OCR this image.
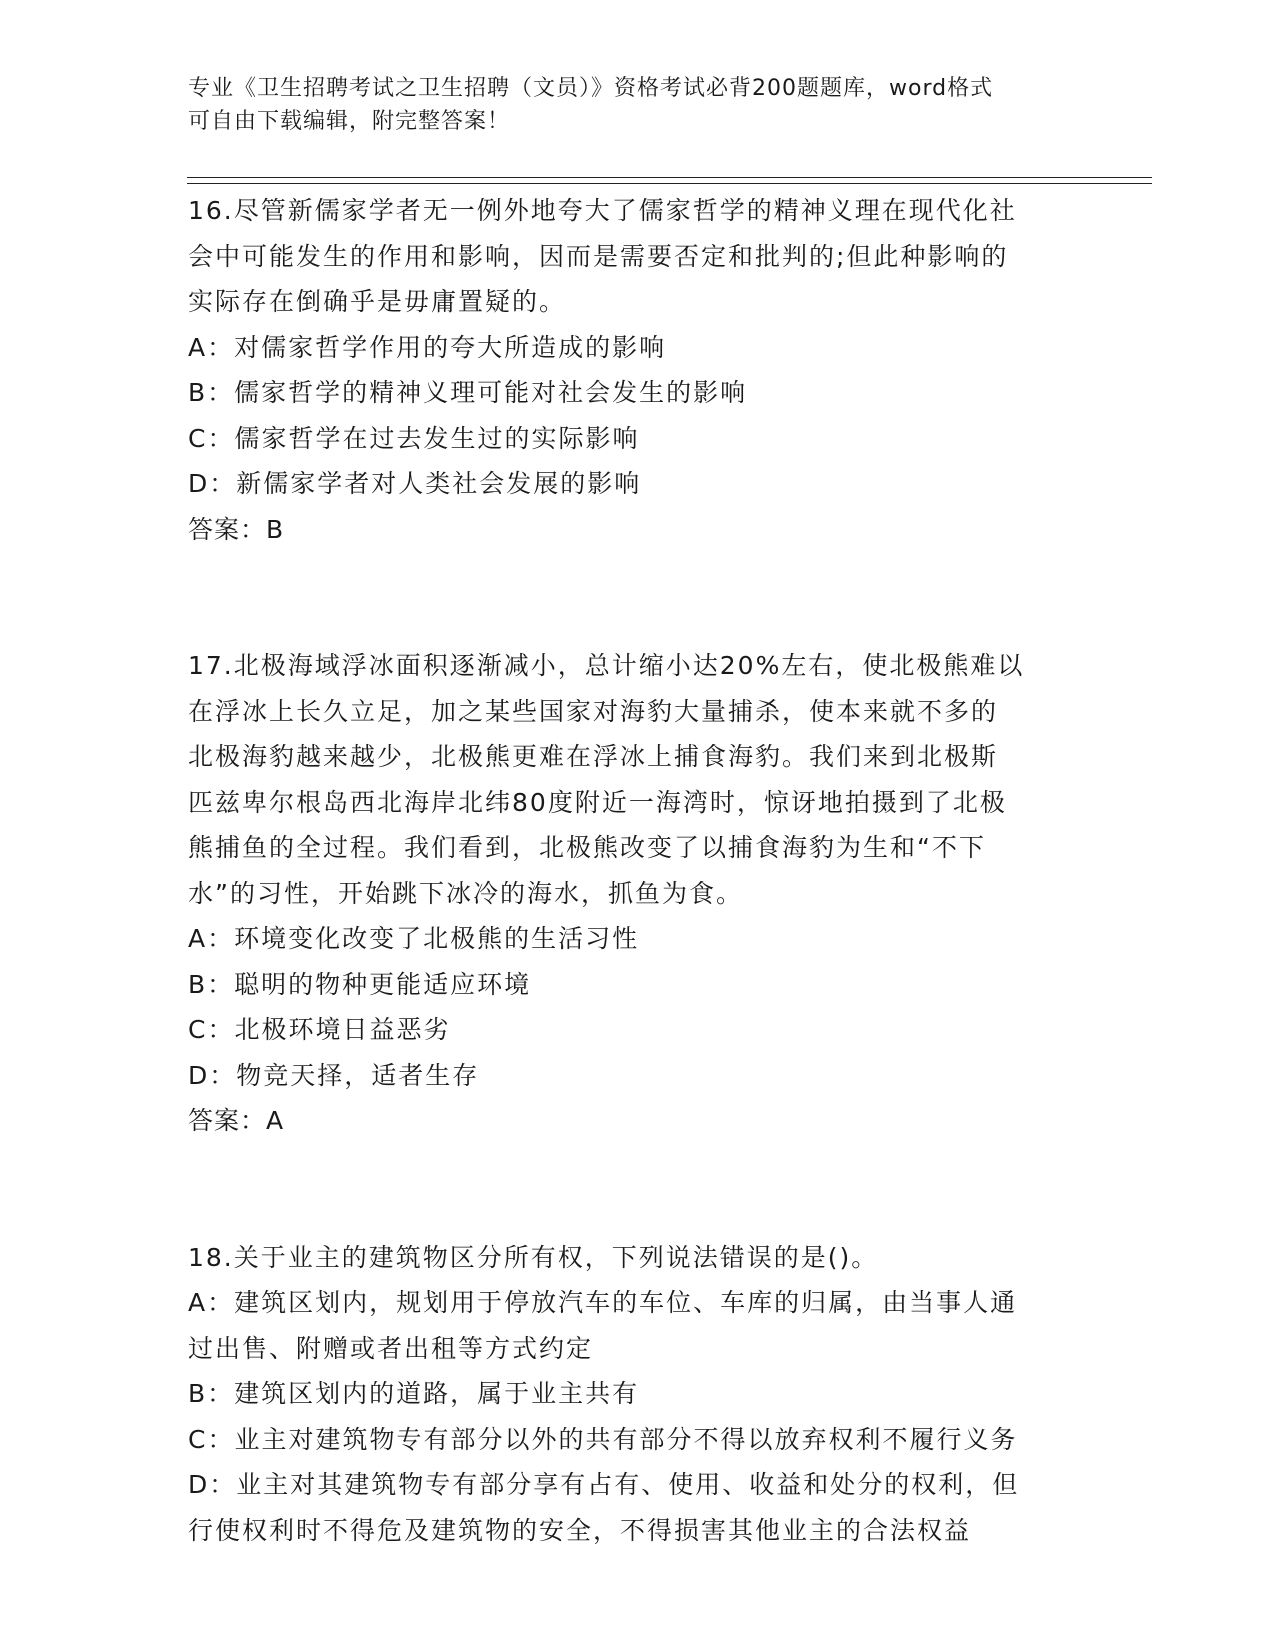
专业《卫生招聘考试之卫生招聘（文员）》资格考试必背200题题库，word格式
可自由下载编辑，附完整答案！
16.尽管新儒家学者无一例外地夸大了儒家哲学的精神义理在现代化社
会中可能发生的作用和影响，因而是需要否定和批判的;但此种影响的
实际存在倒确乎是毋庸置疑的。
A：对儒家哲学作用的夸大所造成的影响
B：儒家哲学的精神义理可能对社会发生的影响
C：儒家哲学在过去发生过的实际影响
D：新儒家学者对人类社会发展的影响
答案：B
17.北极海域浮冰面积逐渐减小，总计缩小达20%左右，使北极熊难以
在浮冰上长久立足，加之某些国家对海豹大量捕杀，使本来就不多的
北极海豹越来越少，北极熊更难在浮冰上捕食海豹。我们来到北极斯
匹兹卑尔根岛西北海岸北纬80度附近一海湾时，惊讶地拍摄到了北极
熊捕鱼的全过程。我们看到，北极熊改变了以捕食海豹为生和“不下
水”的习性，开始跳下冰冷的海水，抓鱼为食。
A：环境变化改变了北极熊的生活习性
B：聪明的物种更能适应环境
C：北极环境日益恶劣
D：物竞天择，适者生存
答案：A
18.关于业主的建筑物区分所有权，下列说法错误的是()。
A：建筑区划内，规划用于停放汽车的车位、车库的归属，由当事人通
过出售、附赠或者出租等方式约定
B：建筑区划内的道路，属于业主共有
C：业主对建筑物专有部分以外的共有部分不得以放弃权利不履行义务
D：业主对其建筑物专有部分享有占有、使用、收益和处分的权利，但
行使权利时不得危及建筑物的安全，不得损害其他业主的合法权益
